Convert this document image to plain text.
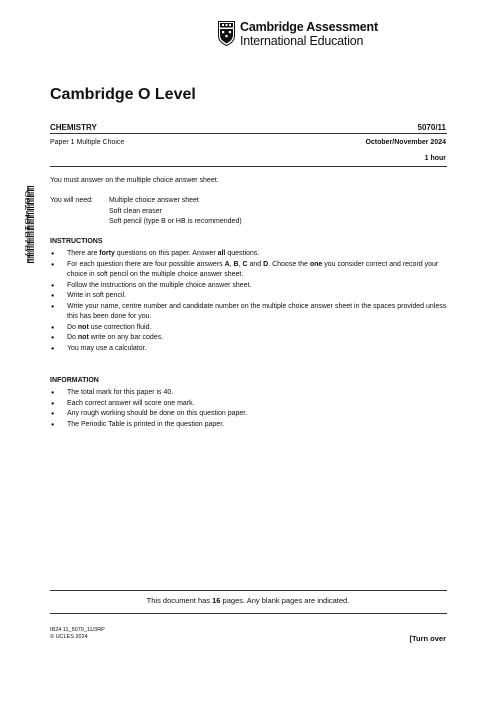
Cambridge Assessment
International Education
Cambridge O Level
CHEMISTRY	5070/11
Paper 1 Multiple Choice	October/November 2024
1 hour
You must answer on the multiple choice answer sheet.
You will need: Multiple choice answer sheet
Soft clean eraser
Soft pencil (type B or HB is recommended)
*0824618787*
INSTRUCTIONS
● There are forty questions on this paper. Answer all questions.
● For each question there are four possible answers A, B, C and D. Choose the one you consider correct and record your choice in soft pencil on the multiple choice answer sheet.
● Follow the instructions on the multiple choice answer sheet.
● Write in soft pencil.
● Write your name, centre number and candidate number on the multiple choice answer sheet in the spaces provided unless this has been done for you.
● Do not use correction fluid.
● Do not write on any bar codes.
● You may use a calculator.
INFORMATION
● The total mark for this paper is 40.
● Each correct answer will score one mark.
● Any rough working should be done on this question paper.
● The Periodic Table is printed in the question paper.
This document has 16 pages. Any blank pages are indicated.
IB24 11_5070_11/3RP
© UCLES 2024	[Turn over
